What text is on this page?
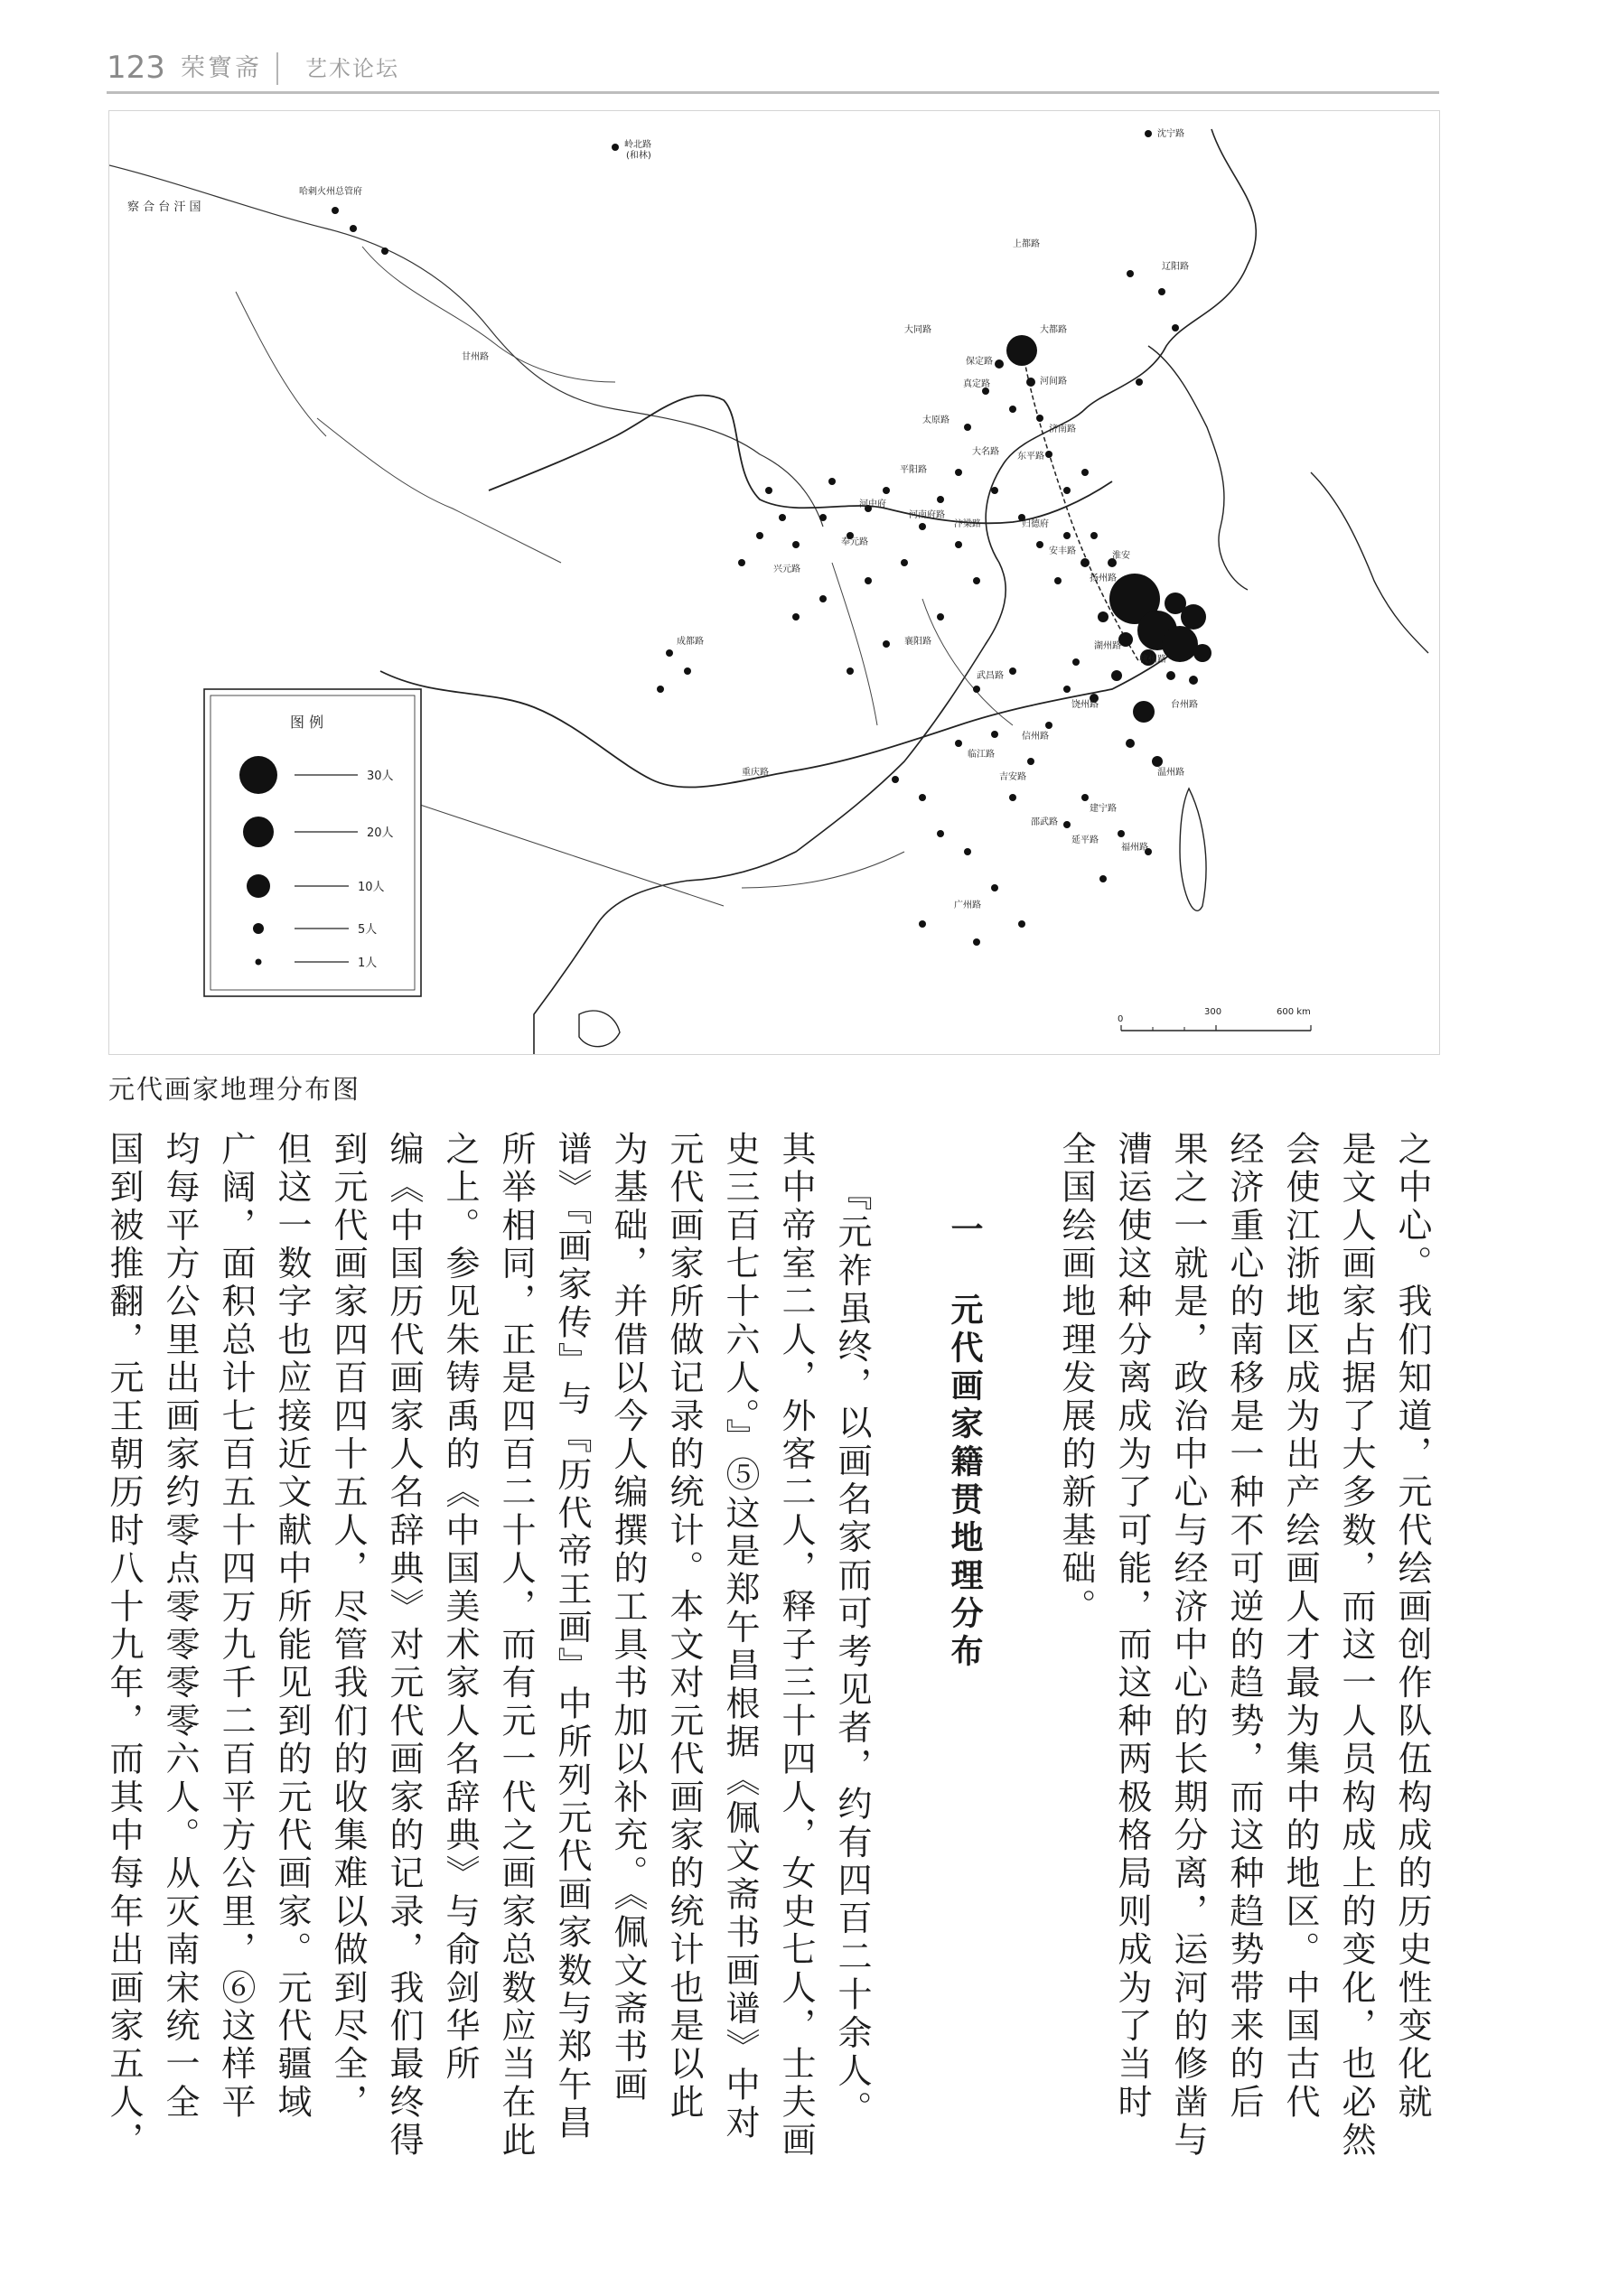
123 荣寳斋 艺术论坛
察 合 台 汗 国
哈剌火州总管府
岭北路
(和林)
沈宁路
甘州路
大都路
大同路
保定路
真定路	河间路
上都路
辽阳路
太原路
济南路
平阳路
东平路
大名路
河南府路
河中府
汴梁路	归德府
奉元路
兴元路
安丰路	淮安
扬州路
襄阳路
成都路
杭州路
湖州路
武昌路
台州路
温州路
饶州路
信州路
重庆路
临江路
吉安路
建宁路
延平路
福州路
广州路
邵武路
图 例
30人
20人
10人
5人
1人
0
300	600 km
元代画家地理分布图
之中心。我们知道，元代绘画创作队伍构成的历史性变化就
是文人画家占据了大多数，而这一人员构成上的变化，也必然
会使江浙地区成为出产绘画人才最为集中的地区。中国古代
经济重心的南移是一种不可逆的趋势，而这种趋势带来的后
果之一就是，政治中心与经济中心的长期分离，运河的修凿与
漕运使这种分离成为了可能，而这种两极格局则成为了当时
全国绘画地理发展的新基础。
一 元代画家籍贯地理分布
『元祚虽终，以画名家而可考见者，约有四百二十余人。
其中帝室二人，外客二人，释子三十四人，女史七人，士夫画
史三百七十六人。』⑤这是郑午昌根据《佩文斋书画谱》中对
元代画家所做记录的统计。本文对元代画家的统计也是以此
为基础，并借以今人编撰的工具书加以补充。《佩文斋书画
谱》『画家传』与『历代帝王画』中所列元代画家数与郑午昌
所举相同，正是四百二十人，而有元一代之画家总数应当在此
之上。参见朱铸禹的《中国美术家人名辞典》与俞剑华所
编《中国历代画家人名辞典》对元代画家的记录，我们最终得
到元代画家四百四十五人，尽管我们的收集难以做到尽全，
但这一数字也应接近文献中所能见到的元代画家。元代疆域
广阔，面积总计七百五十四万九千二百平方公里，⑥这样平
均每平方公里出画家约零点零零零零六人。从灭南宋统一全
国到被推翻，元王朝历时八十九年，而其中每年出画家五人，
